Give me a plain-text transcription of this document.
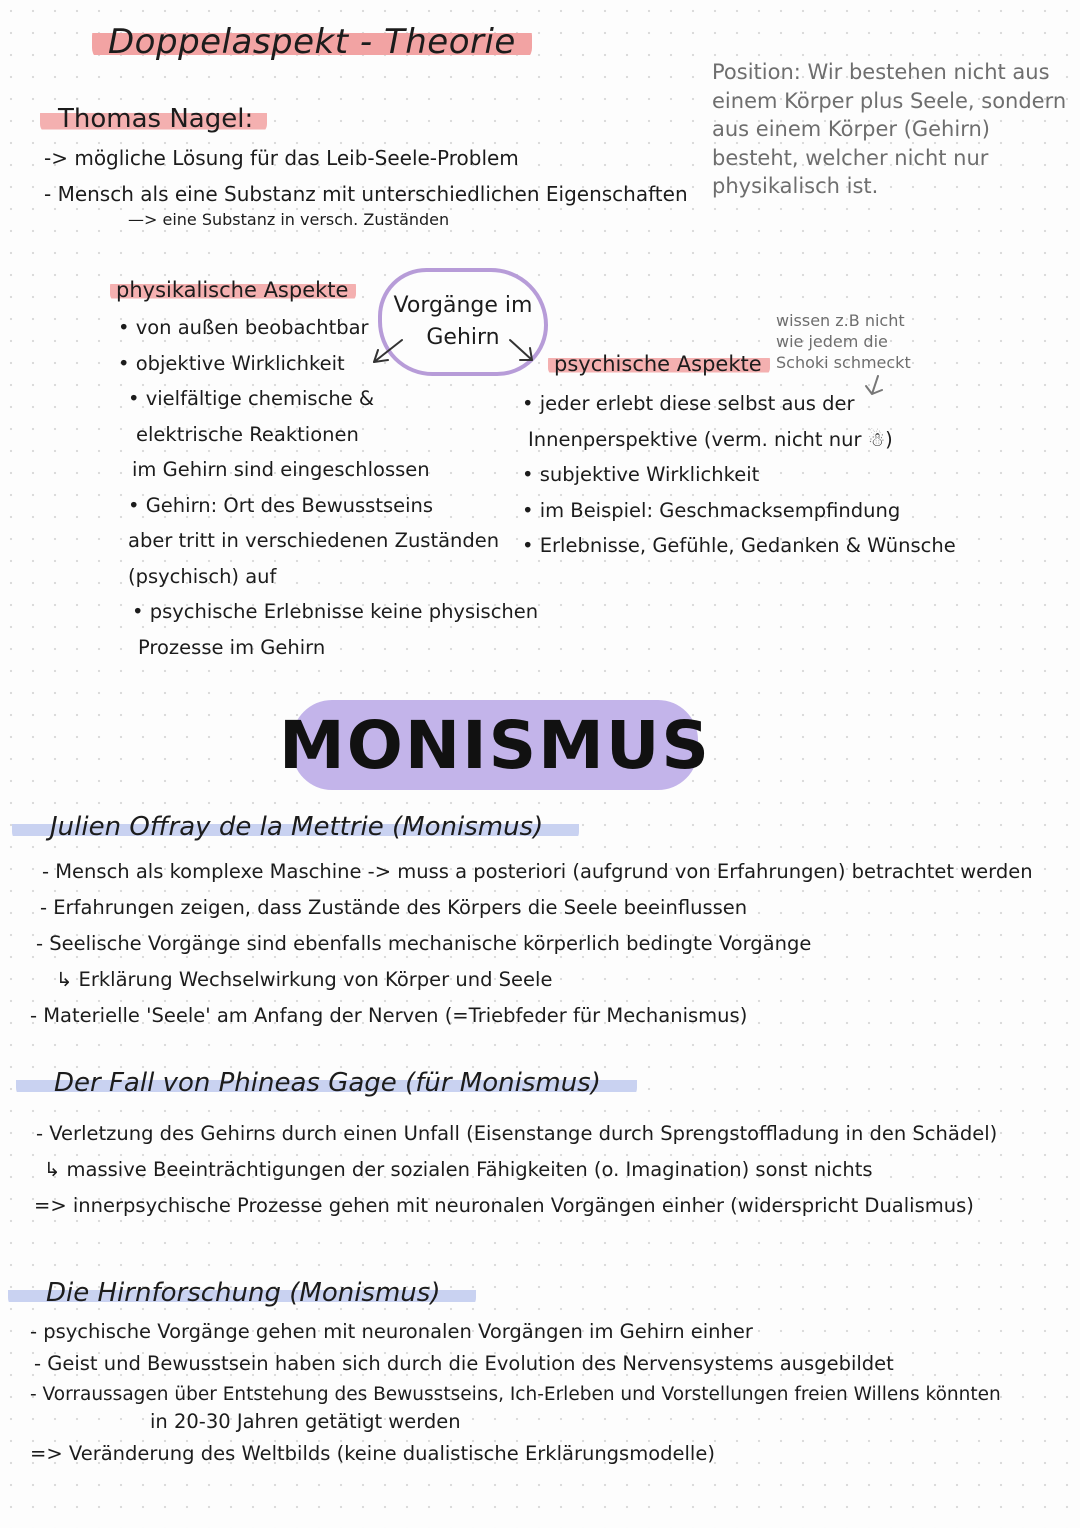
Doppelaspekt - Theorie
Thomas Nagel:
-> mögliche Lösung für das Leib-Seele-Problem
- Mensch als eine Substanz mit unterschiedlichen Eigenschaften
—> eine Substanz in versch. Zuständen
Position: Wir bestehen nicht aus einem Körper plus Seele, sondern aus einem Körper (Gehirn) besteht, welcher nicht nur physikalisch ist.
physikalische Aspekte
• von außen beobachtbar
• objektive Wirklichkeit
• vielfältige chemische &
elektrische Reaktionen
im Gehirn sind eingeschlossen
• Gehirn: Ort des Bewusstseins
aber tritt in verschiedenen Zuständen
(psychisch) auf
• psychische Erlebnisse keine physischen
Prozesse im Gehirn
Vorgänge im
Gehirn
psychische Aspekte
wissen z.B nicht
wie jedem die
Schoki schmeckt
• jeder erlebt diese selbst aus der
Innenperspektive (verm. nicht nur ☃)
• subjektive Wirklichkeit
• im Beispiel: Geschmacksempfindung
• Erlebnisse, Gefühle, Gedanken & Wünsche
MONISMUS
Julien Offray de la Mettrie (Monismus)
- Mensch als komplexe Maschine -> muss a posteriori (aufgrund von Erfahrungen) betrachtet werden
- Erfahrungen zeigen, dass Zustände des Körpers die Seele beeinflussen
- Seelische Vorgänge sind ebenfalls mechanische körperlich bedingte Vorgänge
↳ Erklärung Wechselwirkung von Körper und Seele
- Materielle 'Seele' am Anfang der Nerven (=Triebfeder für Mechanismus)
Der Fall von Phineas Gage (für Monismus)
- Verletzung des Gehirns durch einen Unfall (Eisenstange durch Sprengstoffladung in den Schädel)
↳ massive Beeinträchtigungen der sozialen Fähigkeiten (o. Imagination) sonst nichts
=> innerpsychische Prozesse gehen mit neuronalen Vorgängen einher (widerspricht Dualismus)
Die Hirnforschung (Monismus)
- psychische Vorgänge gehen mit neuronalen Vorgängen im Gehirn einher
- Geist und Bewusstsein haben sich durch die Evolution des Nervensystems ausgebildet
- Vorraussagen über Entstehung des Bewusstseins, Ich-Erleben und Vorstellungen freien Willens könnten
in 20-30 Jahren getätigt werden
=> Veränderung des Weltbilds (keine dualistische Erklärungsmodelle)
